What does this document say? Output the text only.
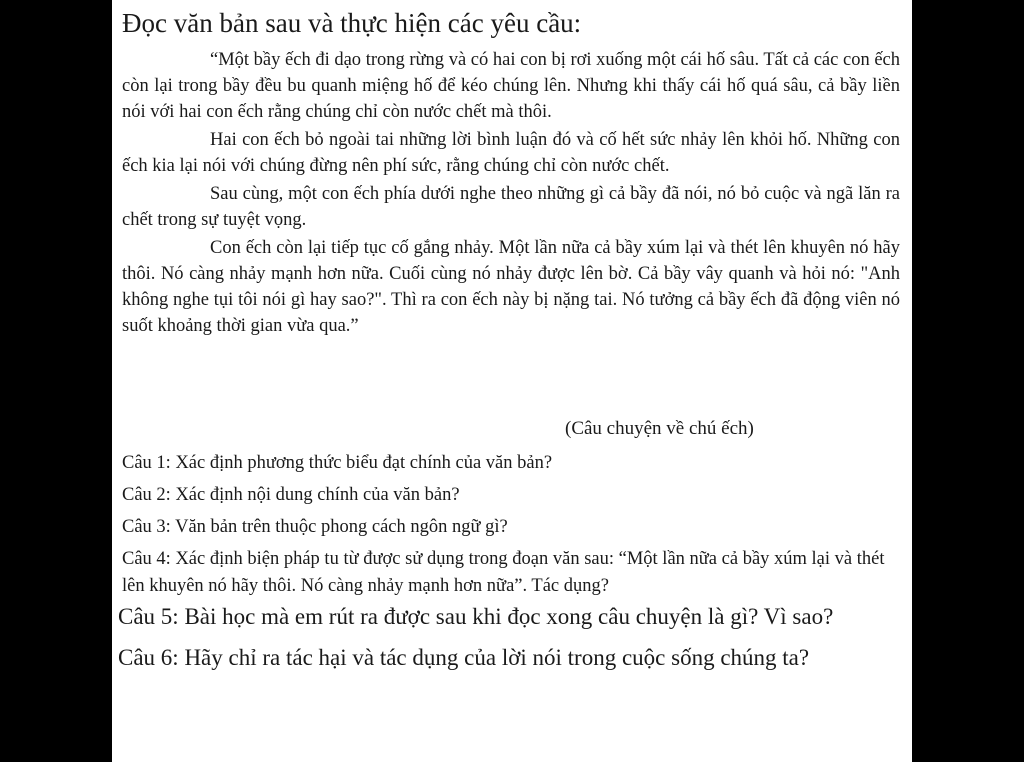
Đọc văn bản sau và thực hiện các yêu cầu:

“Một bầy ếch đi dạo trong rừng và có hai con bị rơi xuống một cái hố sâu. Tất cả các con ếch còn lại trong bầy đều bu quanh miệng hố để kéo chúng lên. Nhưng khi thấy cái hố quá sâu, cả bầy liền nói với hai con ếch rằng chúng chỉ còn nước chết mà thôi.

Hai con ếch bỏ ngoài tai những lời bình luận đó và cố hết sức nhảy lên khỏi hố. Những con ếch kia lại nói với chúng đừng nên phí sức, rằng chúng chỉ còn nước chết.

Sau cùng, một con ếch phía dưới nghe theo những gì cả bầy đã nói, nó bỏ cuộc và ngã lăn ra chết trong sự tuyệt vọng.

Con ếch còn lại tiếp tục cố gắng nhảy. Một lần nữa cả bầy xúm lại và thét lên khuyên nó hãy thôi. Nó càng nhảy mạnh hơn nữa. Cuối cùng nó nhảy được lên bờ. Cả bầy vây quanh và hỏi nó: "Anh không nghe tụi tôi nói gì hay sao?". Thì ra con ếch này bị nặng tai. Nó tưởng cả bầy ếch đã động viên nó suốt khoảng thời gian vừa qua.”

(Câu chuyện về chú ếch)

Câu 1: Xác định phương thức biểu đạt chính của văn bản?

Câu 2: Xác định nội dung chính của văn bản?

Câu 3: Văn bản trên thuộc phong cách ngôn ngữ gì?

Câu 4: Xác định biện pháp tu từ được sử dụng trong đoạn văn sau: “Một lần nữa cả bầy xúm lại và thét lên khuyên nó hãy thôi. Nó càng nhảy mạnh hơn nữa”. Tác dụng?

Câu 5: Bài học mà em rút ra được sau khi đọc xong câu chuyện là gì? Vì sao?

Câu 6: Hãy chỉ ra tác hại và tác dụng của lời nói trong cuộc sống chúng ta?
